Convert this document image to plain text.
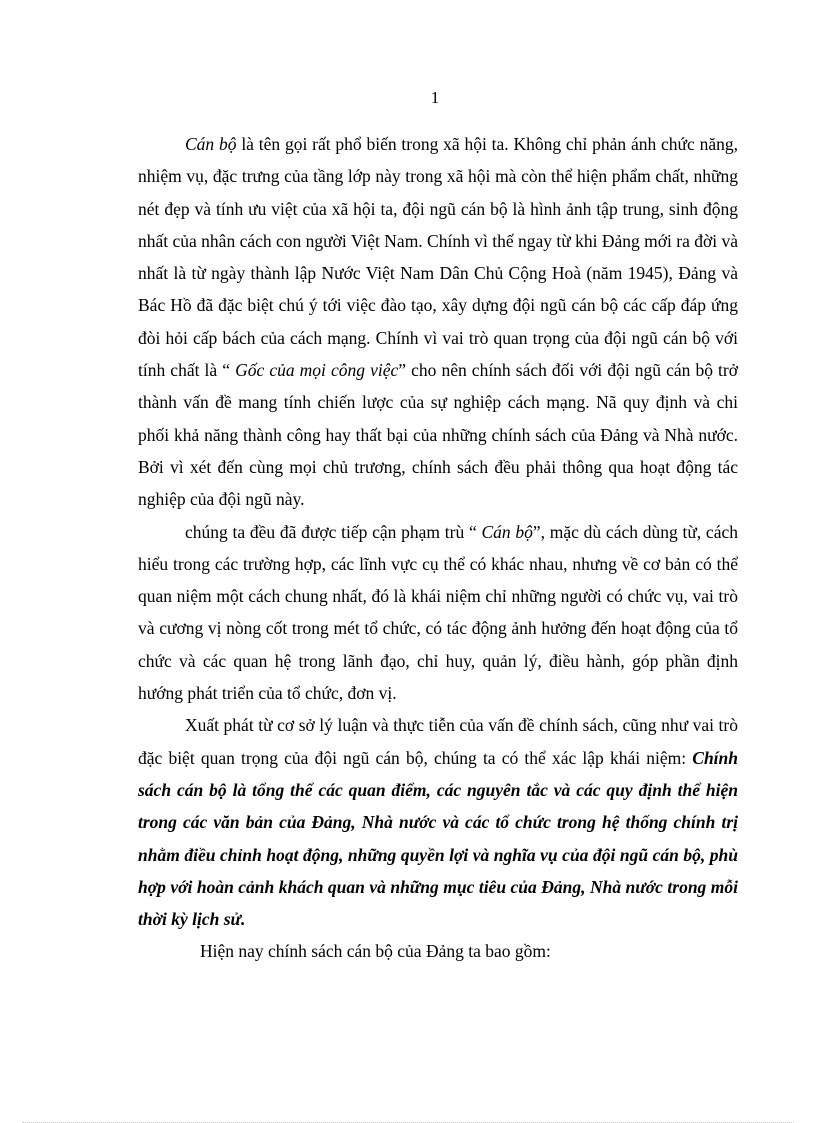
1

Cán bộ là tên gọi rất phổ biến trong xã hội ta. Không chỉ phản ánh chức năng, nhiệm vụ, đặc trưng của tầng lớp này trong xã hội mà còn thể hiện phẩm chất, những nét đẹp và tính ưu việt của xã hội ta, đội ngũ cán bộ là hình ảnh tập trung, sinh động nhất của nhân cách con người Việt Nam. Chính vì thế ngay từ khi Đảng mới ra đời và nhất là từ ngày thành lập Nước Việt Nam Dân Chủ Cộng Hoà (năm 1945), Đảng và Bác Hồ đã đặc biệt chú ý tới việc đào tạo, xây dựng đội ngũ cán bộ các cấp đáp ứng đòi hỏi cấp bách của cách mạng. Chính vì vai trò quan trọng của đội ngũ cán bộ với tính chất là “ Gốc của mọi công việc” cho nên chính sách đối với đội ngũ cán bộ trở thành vấn đề mang tính chiến lược của sự nghiệp cách mạng. Nã quy định và chi phối khả năng thành công hay thất bại của những chính sách của Đảng và Nhà nước. Bởi vì xét đến cùng mọi chủ trương, chính sách đều phải thông qua hoạt động tác nghiệp của đội ngũ này.

chúng ta đều đã được tiếp cận phạm trù “ Cán bộ”, mặc dù cách dùng từ, cách hiểu trong các trường hợp, các lĩnh vực cụ thể có khác nhau, nhưng về cơ bản có thể quan niệm một cách chung nhất, đó là khái niệm chỉ những người có chức vụ, vai trò và cương vị nòng cốt trong mét tổ chức, có tác động ảnh hưởng đến hoạt động của tổ chức và các quan hệ trong lãnh đạo, chỉ huy, quản lý, điều hành, góp phần định hướng phát triển của tổ chức, đơn vị.

Xuất phát từ cơ sở lý luận và thực tiễn của vấn đề chính sách, cũng như vai trò đặc biệt quan trọng của đội ngũ cán bộ, chúng ta có thể xác lập khái niệm: Chính sách cán bộ là tổng thể các quan điểm, các nguyên tắc và các quy định thể hiện trong các văn bản của Đảng, Nhà nước và các tổ chức trong hệ thống chính trị nhằm điều chỉnh hoạt động, những quyền lợi và nghĩa vụ của đội ngũ cán bộ, phù hợp với hoàn cảnh khách quan và những mục tiêu của Đảng, Nhà nước trong mỗi thời kỳ lịch sử.

Hiện nay chính sách cán bộ của Đảng ta bao gồm:
